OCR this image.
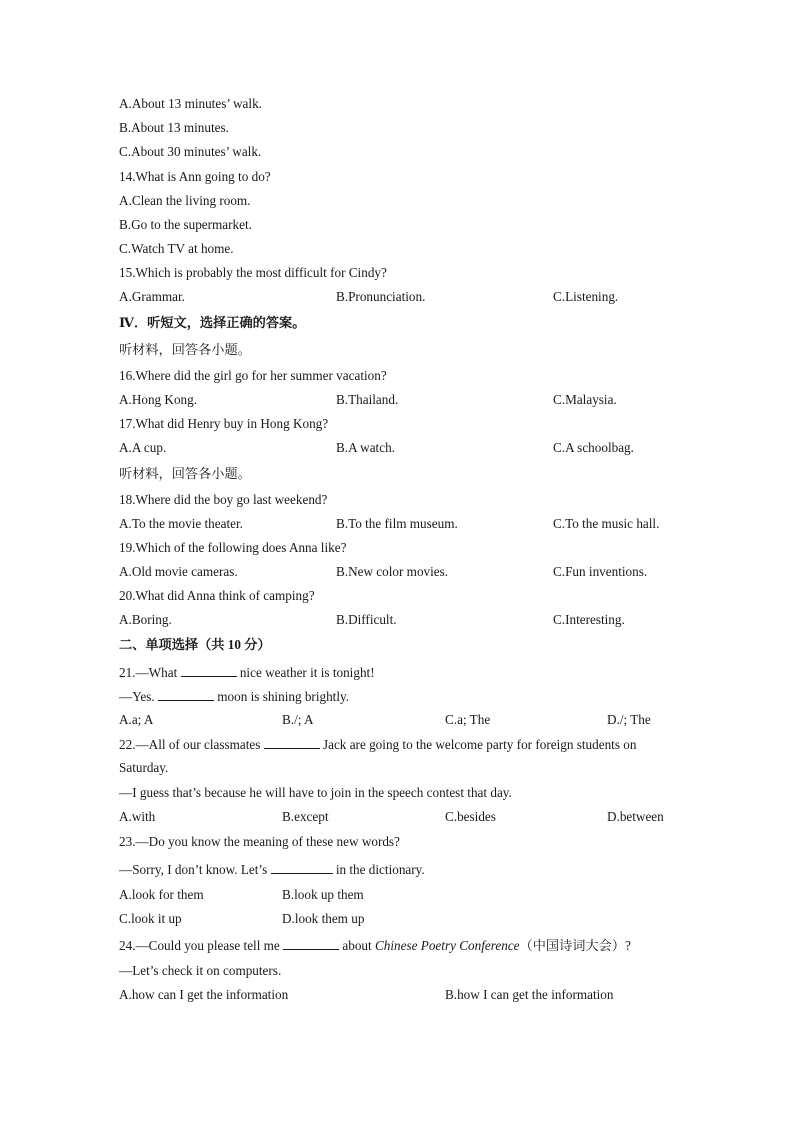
A.About 13 minutes’ walk.
B.About 13 minutes.
C.About 30 minutes’ walk.
14.What is Ann going to do?
A.Clean the living room.
B.Go to the supermarket.
C.Watch TV at home.
15.Which is probably the most difficult for Cindy?
A.Grammar.	B.Pronunciation.	C.Listening.
Ⅳ．听短文，选择正确的答案。
听材料，回答各小题。
16.Where did the girl go for her summer vacation?
A.Hong Kong.	B.Thailand.	C.Malaysia.
17.What did Henry buy in Hong Kong?
A.A cup.	B.A watch.	C.A schoolbag.
听材料，回答各小题。
18.Where did the boy go last weekend?
A.To the movie theater.	B.To the film museum.	C.To the music hall.
19.Which of the following does Anna like?
A.Old movie cameras.	B.New color movies.	C.Fun inventions.
20.What did Anna think of camping?
A.Boring.	B.Difficult.	C.Interesting.
二、单项选择（共 10 分）
21.—What	nice weather it is tonight!
—Yes.	moon is shining brightly.
A.a; A	B./; A	C.a; The	D./; The
22.—All of our classmates	Jack are going to the welcome party for foreign students on
Saturday.
—I guess that’s because he will have to join in the speech contest that day.
A.with	B.except	C.besides	D.between
23.—Do you know the meaning of these new words?
—Sorry, I don’t know. Let’s	in the dictionary.
A.look for them	B.look up them
C.look it up	D.look them up
24.—Could you please tell me	about Chinese Poetry Conference（中国诗词大会）?
—Let’s check it on computers.
A.how can I get the information	B.how I can get the information
